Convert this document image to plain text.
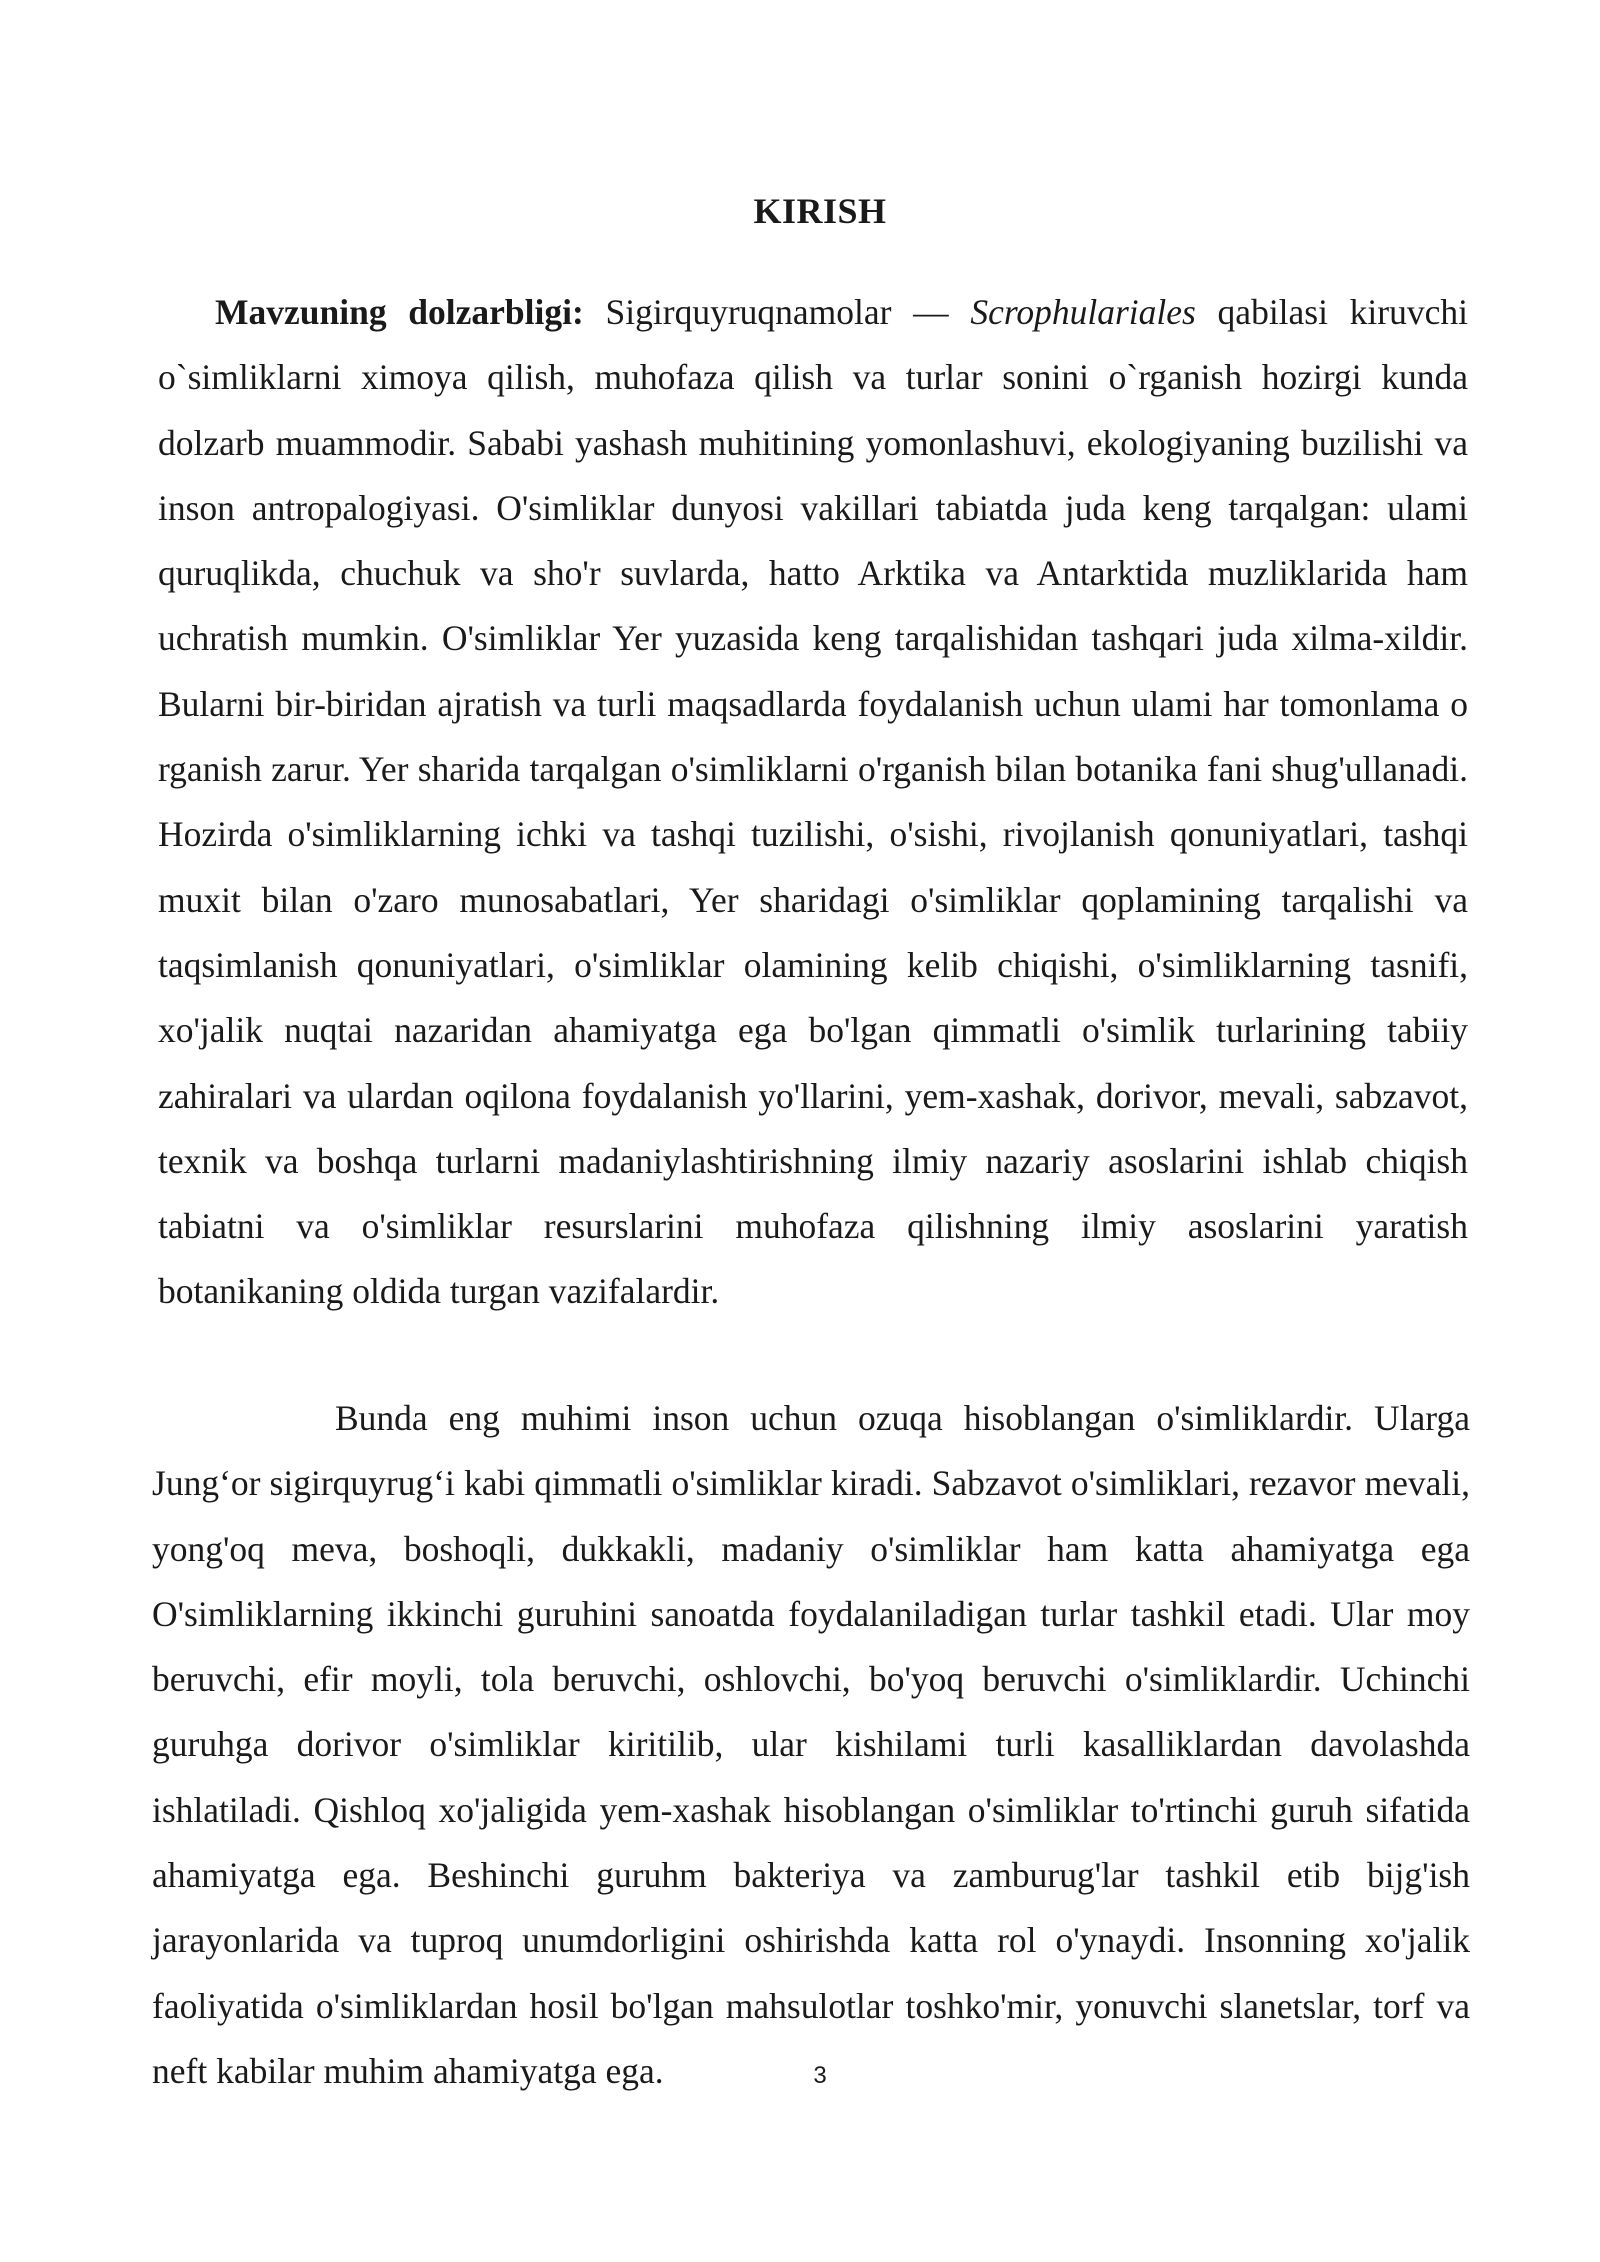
KIRISH

Mavzuning dolzarbligi: Sigirquyruqnamolar — Scrophulariales qabilasi kiruvchi o`simliklarni ximoya qilish, muhofaza qilish va turlar sonini o`rganish hozirgi kunda dolzarb muammodir. Sababi yashash muhitining yomonlashuvi, ekologiyaning buzilishi va inson antropalogiyasi. O'simliklar dunyosi vakillari tabiatda juda keng tarqalgan: ulami quruqlikda, chuchuk va sho'r suvlarda, hatto Arktika va Antarktida muzliklarida ham uchratish mumkin. O'simliklar Yer yuzasida keng tarqalishidan tashqari juda xilma-xildir. Bularni bir-biridan ajratish va turli maqsadlarda foydalanish uchun ulami har tomonlama o rganish zarur. Yer sharida tarqalgan o'simliklarni o'rganish bilan botanika fani shug'ullanadi. Hozirda o'simliklarning ichki va tashqi tuzilishi, o'sishi, rivojlanish qonuniyatlari, tashqi muxit bilan o'zaro munosabatlari, Yer sharidagi o'simliklar qoplamining tarqalishi va taqsimlanish qonuniyatlari, o'simliklar olamining kelib chiqishi, o'simliklarning tasnifi, xo'jalik nuqtai nazaridan ahamiyatga ega bo'lgan qimmatli o'simlik turlarining tabiiy zahiralari va ulardan oqilona foydalanish yo'llarini, yem-xashak, dorivor, mevali, sabzavot, texnik va boshqa turlarni madaniylashtirishning ilmiy nazariy asoslarini ishlab chiqish tabiatni va o'simliklar resurslarini muhofaza qilishning ilmiy asoslarini yaratish botanikaning oldida turgan vazifalardir.

Bunda eng muhimi inson uchun ozuqa hisoblangan o'simliklardir. Ularga Jungʻor sigirquyrugʻi kabi qimmatli o'simliklar kiradi. Sabzavot o'simliklari, rezavor mevali, yong'oq meva, boshoqli, dukkakli, madaniy o'simliklar ham katta ahamiyatga ega O'simliklarning ikkinchi guruhini sanoatda foydalaniladigan turlar tashkil etadi. Ular moy beruvchi, efir moyli, tola beruvchi, oshlovchi, bo'yoq beruvchi o'simliklardir. Uchinchi guruhga dorivor o'simliklar kiritilib, ular kishilami turli kasalliklardan davolashda ishlatiladi. Qishloq xo'jaligida yem-xashak hisoblangan o'simliklar to'rtinchi guruh sifatida ahamiyatga ega. Beshinchi guruhm bakteriya va zamburug'lar tashkil etib bijg'ish jarayonlarida va tuproq unumdorligini oshirishda katta rol o'ynaydi. Insonning xo'jalik faoliyatida o'simliklardan hosil bo'lgan mahsulotlar toshko'mir, yonuvchi slanetslar, torf va neft kabilar muhim ahamiyatga ega.	3
